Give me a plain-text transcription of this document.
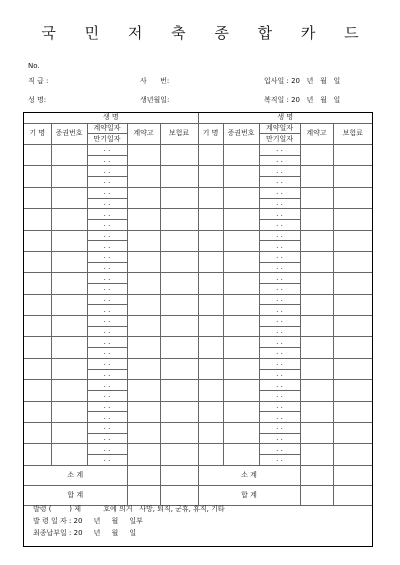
국 민 저 축 종 합 카 드
No.
직 급 :	사      번:	입사일 : 20   년   월   일
성 명:	생년월일:	복직일 : 20   년   월   일
생 명					생 명				
기 명	증권번호	계약일자	계약고	보험료	기 명	증권번호	계약일자	계약고	보험료
		만기일자					만기일자		
		. .					. .		
		. .					. .		
		. .					. .		
		. .					. .		
		. .					. .		
		. .					. .		
		. .					. .		
		. .					. .		
		. .					. .		
		. .					. .		
		. .					. .		
		. .					. .		
		. .					. .		
		. .					. .		
		. .					. .		
		. .					. .		
		. .					. .		
		. .					. .		
		. .					. .		
		. .					. .		
		. .					. .		
		. .					. .		
		. .					. .		
		. .					. .		
		. .					. .		
		. .					. .		
		. .					. .		
		. .					. .		
		. .					. .		
		. .					. .		
소 계					소 계				
합 계					합 계				
발령 (        ) 제          호에 의거   사망, 퇴직, 군휴, 휴직, 기타
발 령 일 자 : 20     년     월     일부
최종납부일 : 20     년     월     일
